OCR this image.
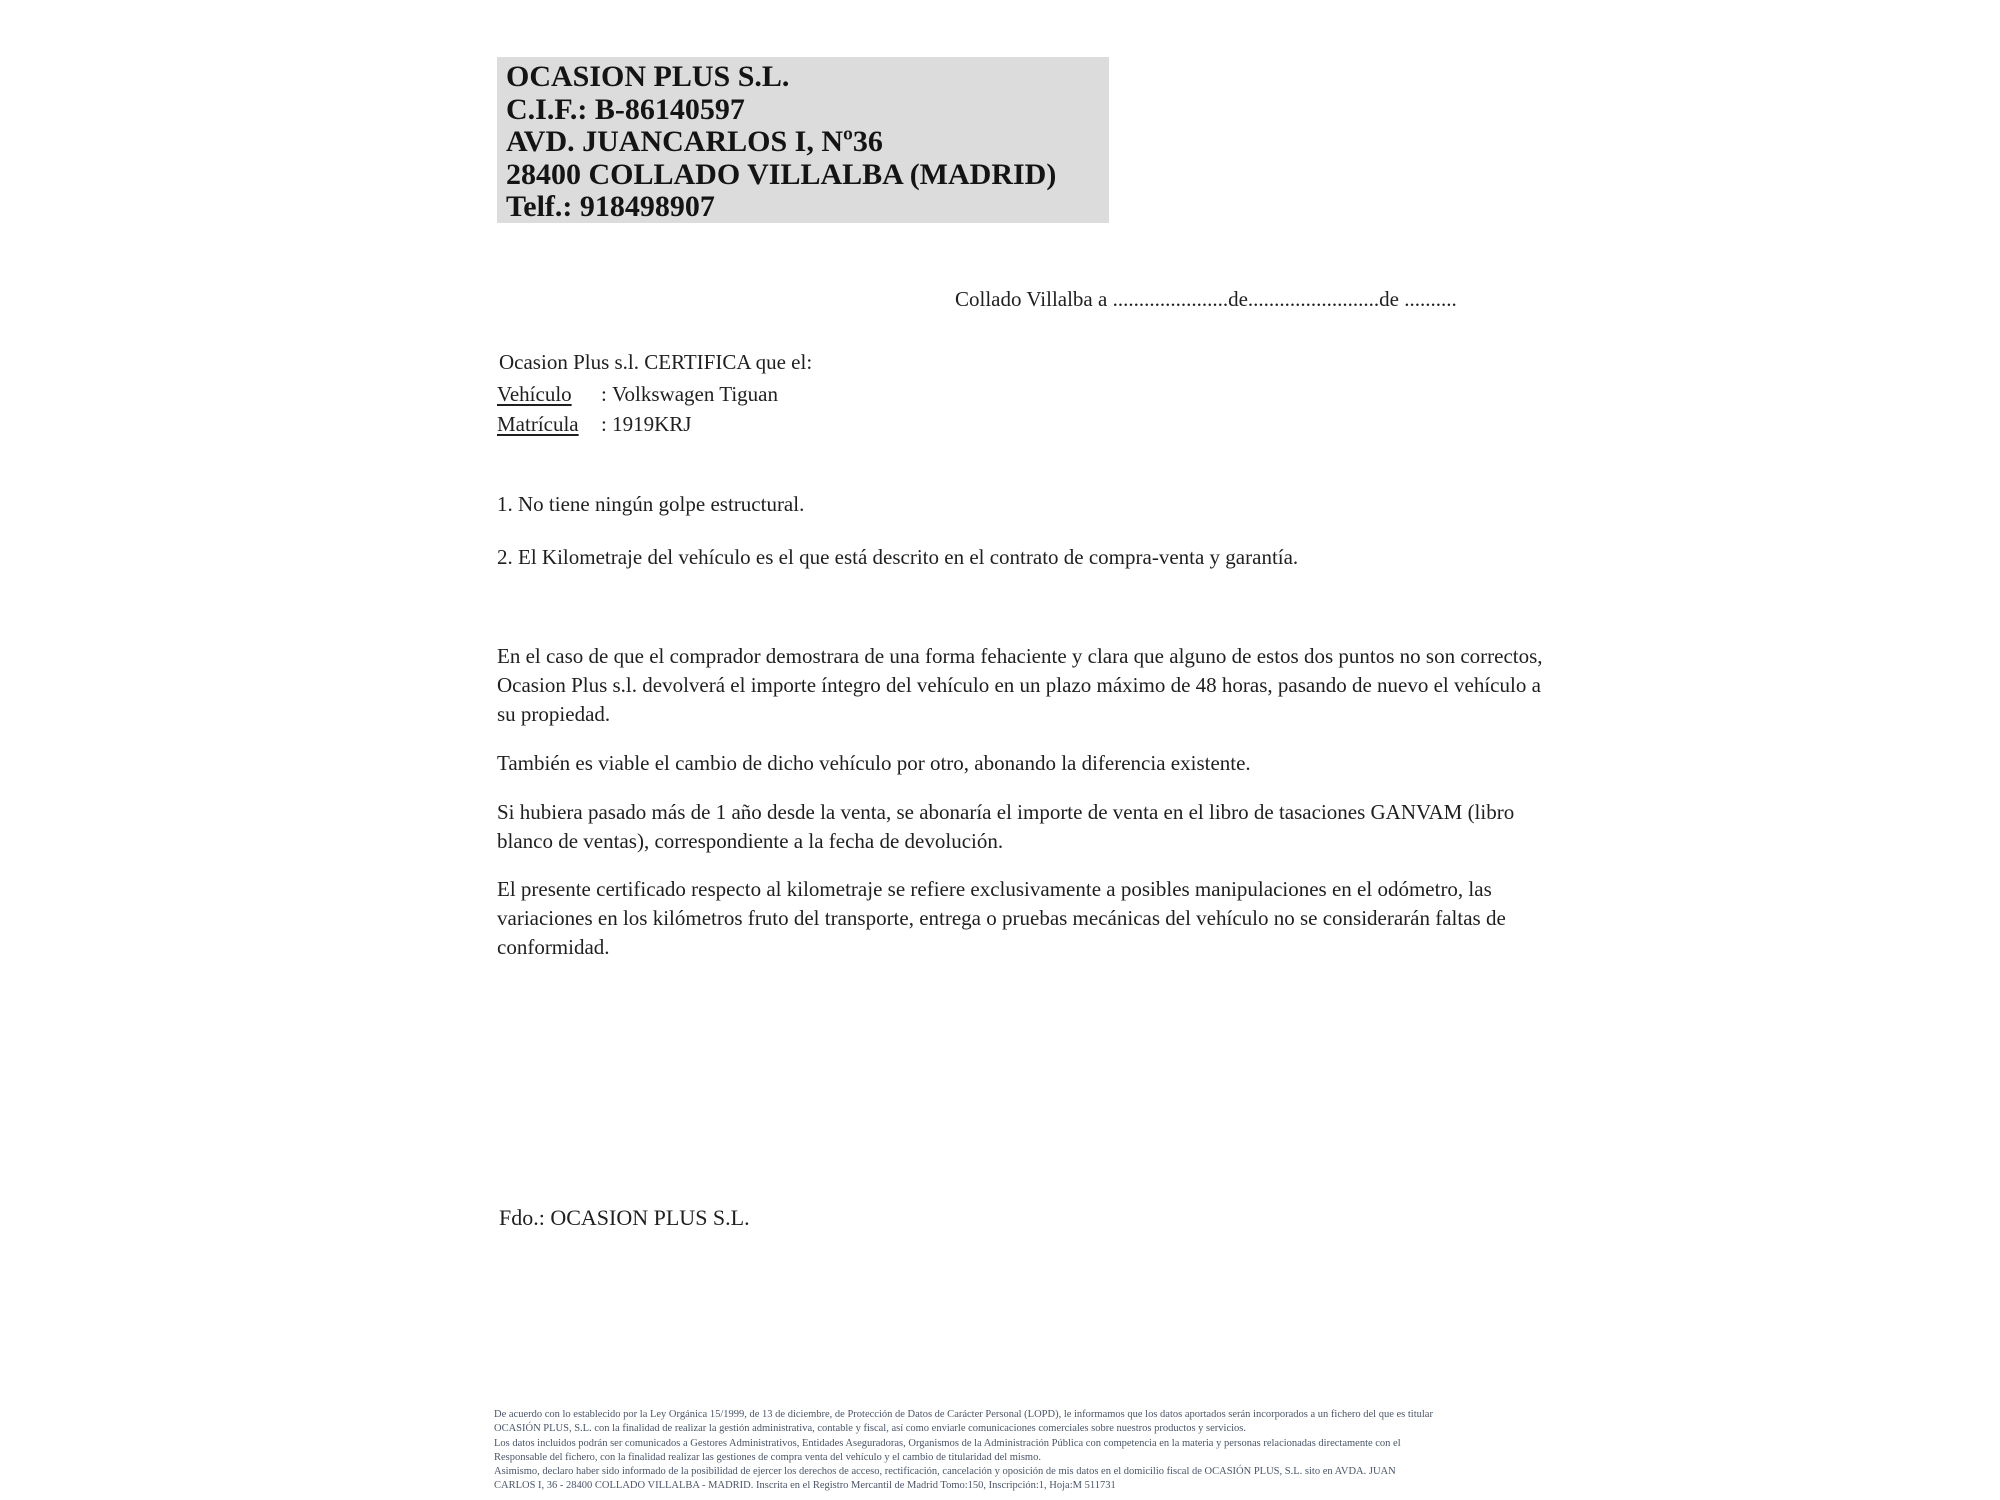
OCASION PLUS S.L.
C.I.F.: B-86140597
AVD. JUANCARLOS I, Nº36
28400 COLLADO VILLALBA (MADRID)
Telf.: 918498907
Collado Villalba a ......................de.........................de ..........
Ocasion Plus s.l. CERTIFICA que el:
Vehículo : Volkswagen Tiguan
Matrícula : 1919KRJ
1. No tiene ningún golpe estructural.
2. El Kilometraje del vehículo es el que está descrito en el contrato de compra-venta y garantía.
En el caso de que el comprador demostrara de una forma fehaciente y clara que alguno de estos dos puntos no son correctos, Ocasion Plus s.l. devolverá el importe íntegro del vehículo en un plazo máximo de 48 horas, pasando de nuevo el vehículo a su propiedad.
También es viable el cambio de dicho vehículo por otro, abonando la diferencia existente.
Si hubiera pasado más de 1 año desde la venta, se abonaría el importe de venta en el libro de tasaciones GANVAM (libro blanco de ventas), correspondiente a la fecha de devolución.
El presente certificado respecto al kilometraje se refiere exclusivamente a posibles manipulaciones en el odómetro, las variaciones en los kilómetros fruto del transporte, entrega o pruebas mecánicas del vehículo no se considerarán faltas de conformidad.
Fdo.: OCASION PLUS S.L.
De acuerdo con lo establecido por la Ley Orgánica 15/1999, de 13 de diciembre, de Protección de Datos de Carácter Personal (LOPD), le informamos que los datos aportados serán incorporados a un fichero del que es titular
OCASIÓN PLUS, S.L. con la finalidad de realizar la gestión administrativa, contable y fiscal, así como enviarle comunicaciones comerciales sobre nuestros productos y servicios.
Los datos incluidos podrán ser comunicados a Gestores Administrativos, Entidades Aseguradoras, Organismos de la Administración Pública con competencia en la materia y personas relacionadas directamente con el
Responsable del fichero, con la finalidad realizar las gestiones de compra venta del vehículo y el cambio de titularidad del mismo.
Asimismo, declaro haber sido informado de la posibilidad de ejercer los derechos de acceso, rectificación, cancelación y oposición de mis datos en el domicilio fiscal de OCASIÓN PLUS, S.L. sito en AVDA. JUAN
CARLOS I, 36 - 28400 COLLADO VILLALBA - MADRID. Inscrita en el Registro Mercantil de Madrid Tomo:150, Inscripción:1, Hoja:M 511731
